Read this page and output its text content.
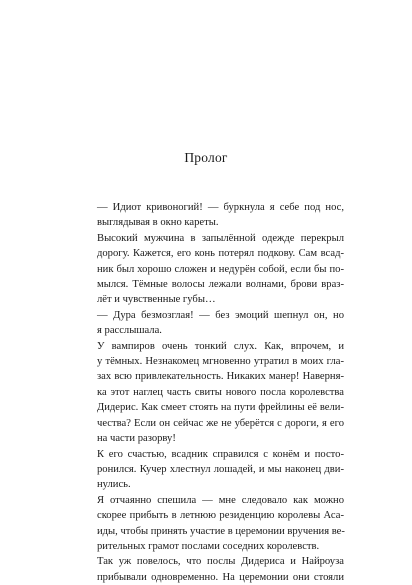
Пролог
— Идиот кривоногий! — буркнула я себе под нос,
выглядывая в окно кареты.
Высокий мужчина в запылённой одежде перекрыл
дорогу. Кажется, его конь потерял подкову. Сам всад-
ник был хорошо сложен и недурён собой, если бы по-
мылся. Тёмные волосы лежали волнами, брови враз-
лёт и чувственные губы…
— Дура безмозглая! — без эмоций шепнул он, но
я расслышала.
У вампиров очень тонкий слух. Как, впрочем, и
у тёмных. Незнакомец мгновенно утратил в моих гла-
зах всю привлекательность. Никаких манер! Наверня-
ка этот наглец часть свиты нового посла королевства
Дидерис. Как смеет стоять на пути фрейлины её вели-
чества? Если он сейчас же не уберётся с дороги, я его
на части разорву!
К его счастью, всадник справился с конём и посто-
ронился. Кучер хлестнул лошадей, и мы наконец дви-
нулись.
Я отчаянно спешила — мне следовало как можно
скорее прибыть в летнюю резиденцию королевы Аса-
иды, чтобы принять участие в церемонии вручения ве-
рительных грамот послами соседних королевств.
Так уж повелось, что послы Дидериса и Найроуза
прибывали одновременно. На церемонии они стояли
